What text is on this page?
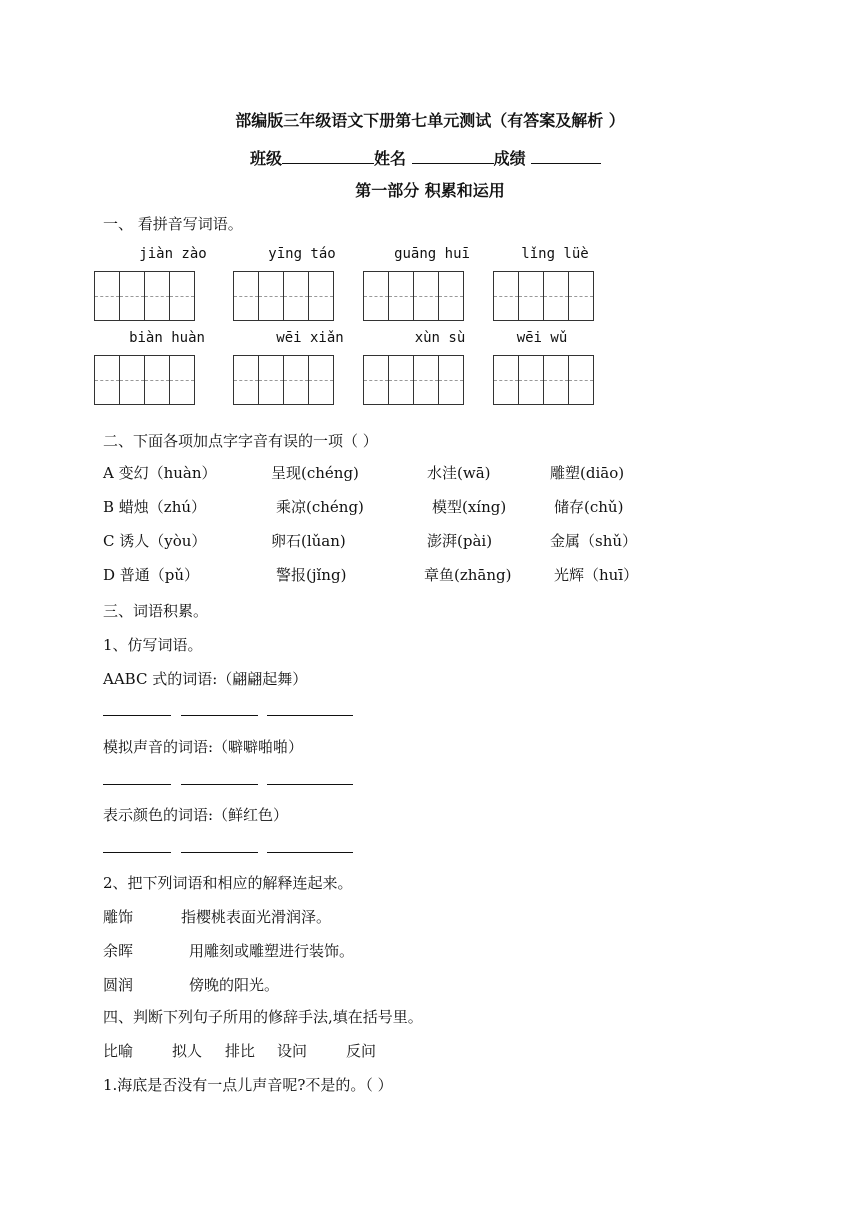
部编版三年级语文下册第七单元测试（有答案及解析 ）
班级	姓名	成绩
第一部分 积累和运用
一、 看拼音写词语。
jiàn zào	yīng táo	guāng huī	lǐng lüè
biàn huàn	wēi xiǎn	xùn sù	wēi wǔ
二、下面各项加点字字音有误的一项（ ）
A 变幻（huàn）	呈现(chéng)	水洼(wā)	雕塑(diāo)
B 蜡烛（zhú）	乘凉(chéng)	模型(xíng)	储存(chǔ)
C 诱人（yòu）	卵石(lǔan)	澎湃(pài)	金属（shǔ）
D 普通（pǔ）	警报(jǐng)	章鱼(zhāng)	光辉（huī）
三、词语积累。
1、仿写词语。
AABC 式的词语:（翩翩起舞）
模拟声音的词语:（噼噼啪啪）
表示颜色的词语:（鲜红色）
2、把下列词语和相应的解释连起来。
雕饰	指樱桃表面光滑润泽。
余晖	用雕刻或雕塑进行装饰。
圆润	傍晚的阳光。
四、判断下列句子所用的修辞手法,填在括号里。
比喻	拟人 排比 设问	反问
1.海底是否没有一点儿声音呢?不是的。（ ）
